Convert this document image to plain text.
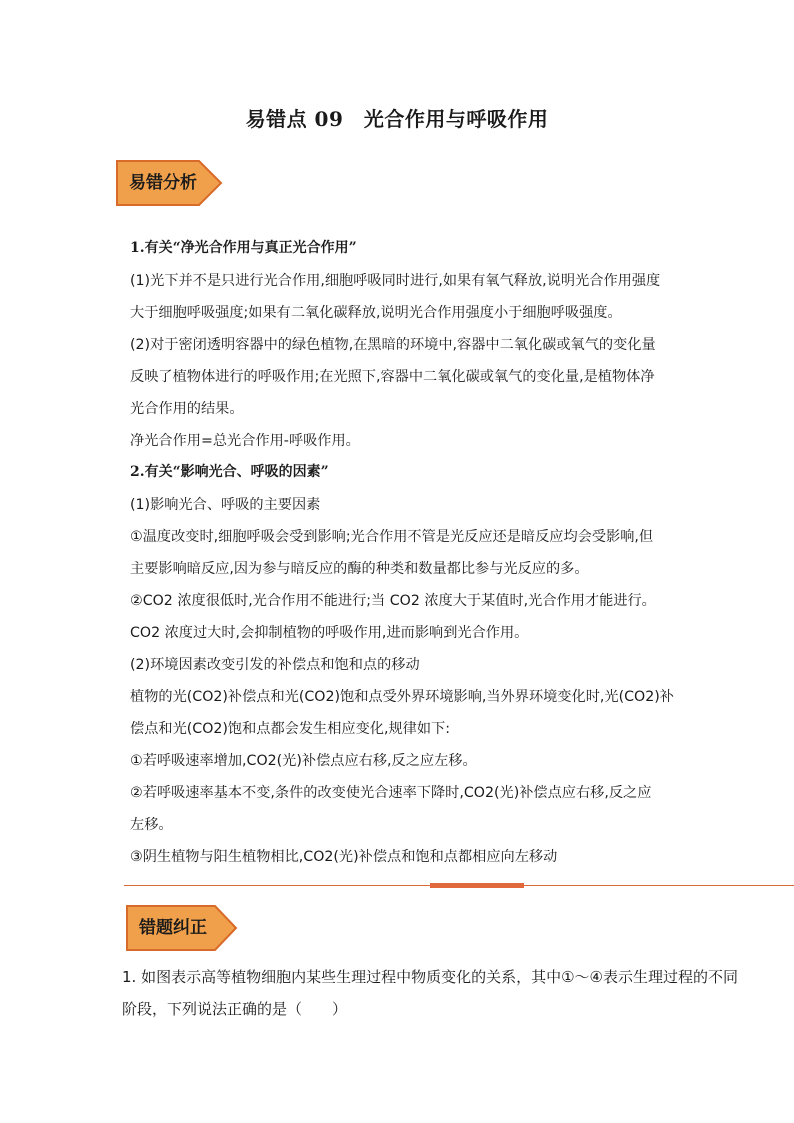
易错点 09　光合作用与呼吸作用
易错分析
1.有关“净光合作用与真正光合作用”
(1)光下并不是只进行光合作用,细胞呼吸同时进行,如果有氧气释放,说明光合作用强度
大于细胞呼吸强度;如果有二氧化碳释放,说明光合作用强度小于细胞呼吸强度。
(2)对于密闭透明容器中的绿色植物,在黑暗的环境中,容器中二氧化碳或氧气的变化量
反映了植物体进行的呼吸作用;在光照下,容器中二氧化碳或氧气的变化量,是植物体净
光合作用的结果。
净光合作用=总光合作用-呼吸作用。
2.有关“影响光合、呼吸的因素”
(1)影响光合、呼吸的主要因素
①温度改变时,细胞呼吸会受到影响;光合作用不管是光反应还是暗反应均会受影响,但
主要影响暗反应,因为参与暗反应的酶的种类和数量都比参与光反应的多。
②CO2 浓度很低时,光合作用不能进行;当 CO2 浓度大于某值时,光合作用才能进行。
CO2 浓度过大时,会抑制植物的呼吸作用,进而影响到光合作用。
(2)环境因素改变引发的补偿点和饱和点的移动
植物的光(CO2)补偿点和光(CO2)饱和点受外界环境影响,当外界环境变化时,光(CO2)补
偿点和光(CO2)饱和点都会发生相应变化,规律如下:
①若呼吸速率增加,CO2(光)补偿点应右移,反之应左移。
②若呼吸速率基本不变,条件的改变使光合速率下降时,CO2(光)补偿点应右移,反之应
左移。
③阴生植物与阳生植物相比,CO2(光)补偿点和饱和点都相应向左移动
错题纠正
1. 如图表示高等植物细胞内某些生理过程中物质变化的关系，其中①～④表示生理过程的不同
阶段，下列说法正确的是（　　）
